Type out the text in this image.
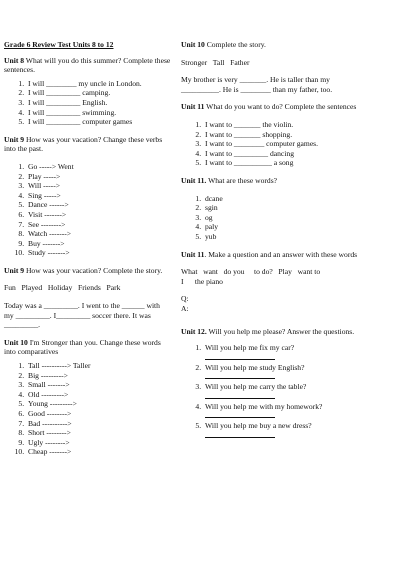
Grade 6 Review Test Units 8 to 12
Unit 8 What will you do this summer? Complete these sentences.
1. I will ________ my uncle in London.
2. I will _________ camping.
3. I will _________ English.
4. I will _________ swimming.
5. I will _________ computer games
Unit 9 How was your vacation? Change these verbs into the past.
1. Go -----> Went
2. Play ----->
3. Will ----->
4. Sing ----->
5. Dance ------>
6. Visit ------->
7. See -------->
8. Watch ------->
9. Buy ------->
10. Study ------->
Unit 9 How was your vacation? Complete the story.
Fun   Played   Holiday   Friends   Park
Today was a _________. I went to the ______ with
my _________. I_________ soccer there. It was
_________.
Unit 10 I'm Stronger than you. Change these words into comparatives
1. Tall ----------> Taller
2. Big --------->
3. Small ------->
4. Old --------->
5. Young --------->
6. Good -------->
7. Bad ---------->
8. Short -------->
9. Ugly -------->
10. Cheap ------->
Unit 10 Complete the story.
Stronger   Tall   Father
My brother is very _______. He is taller than my
__________. He is ________ than my father, too.
Unit 11 What do you want to do? Complete the sentences
1. I want to _______ the violin.
2. I want to _______ shopping.
3. I want to ________ computer games.
4. I want to _________ dancing
5. I want to __________ a song
Unit 11. What are these words?
1. dcane
2. sgin
3. og
4. paly
5. yub
Unit 11. Make a question and an answer with these words
What   want   do you     to do?   Play   want to
I      the piano
Q:
A:
Unit 12. Will you help me please? Answer the questions.
1. Will you help me fix my car?
2. Will you help me study English?
3. Will you help me carry the table?
4. Will you help me with my homework?
5. Will you help me buy a new dress?
